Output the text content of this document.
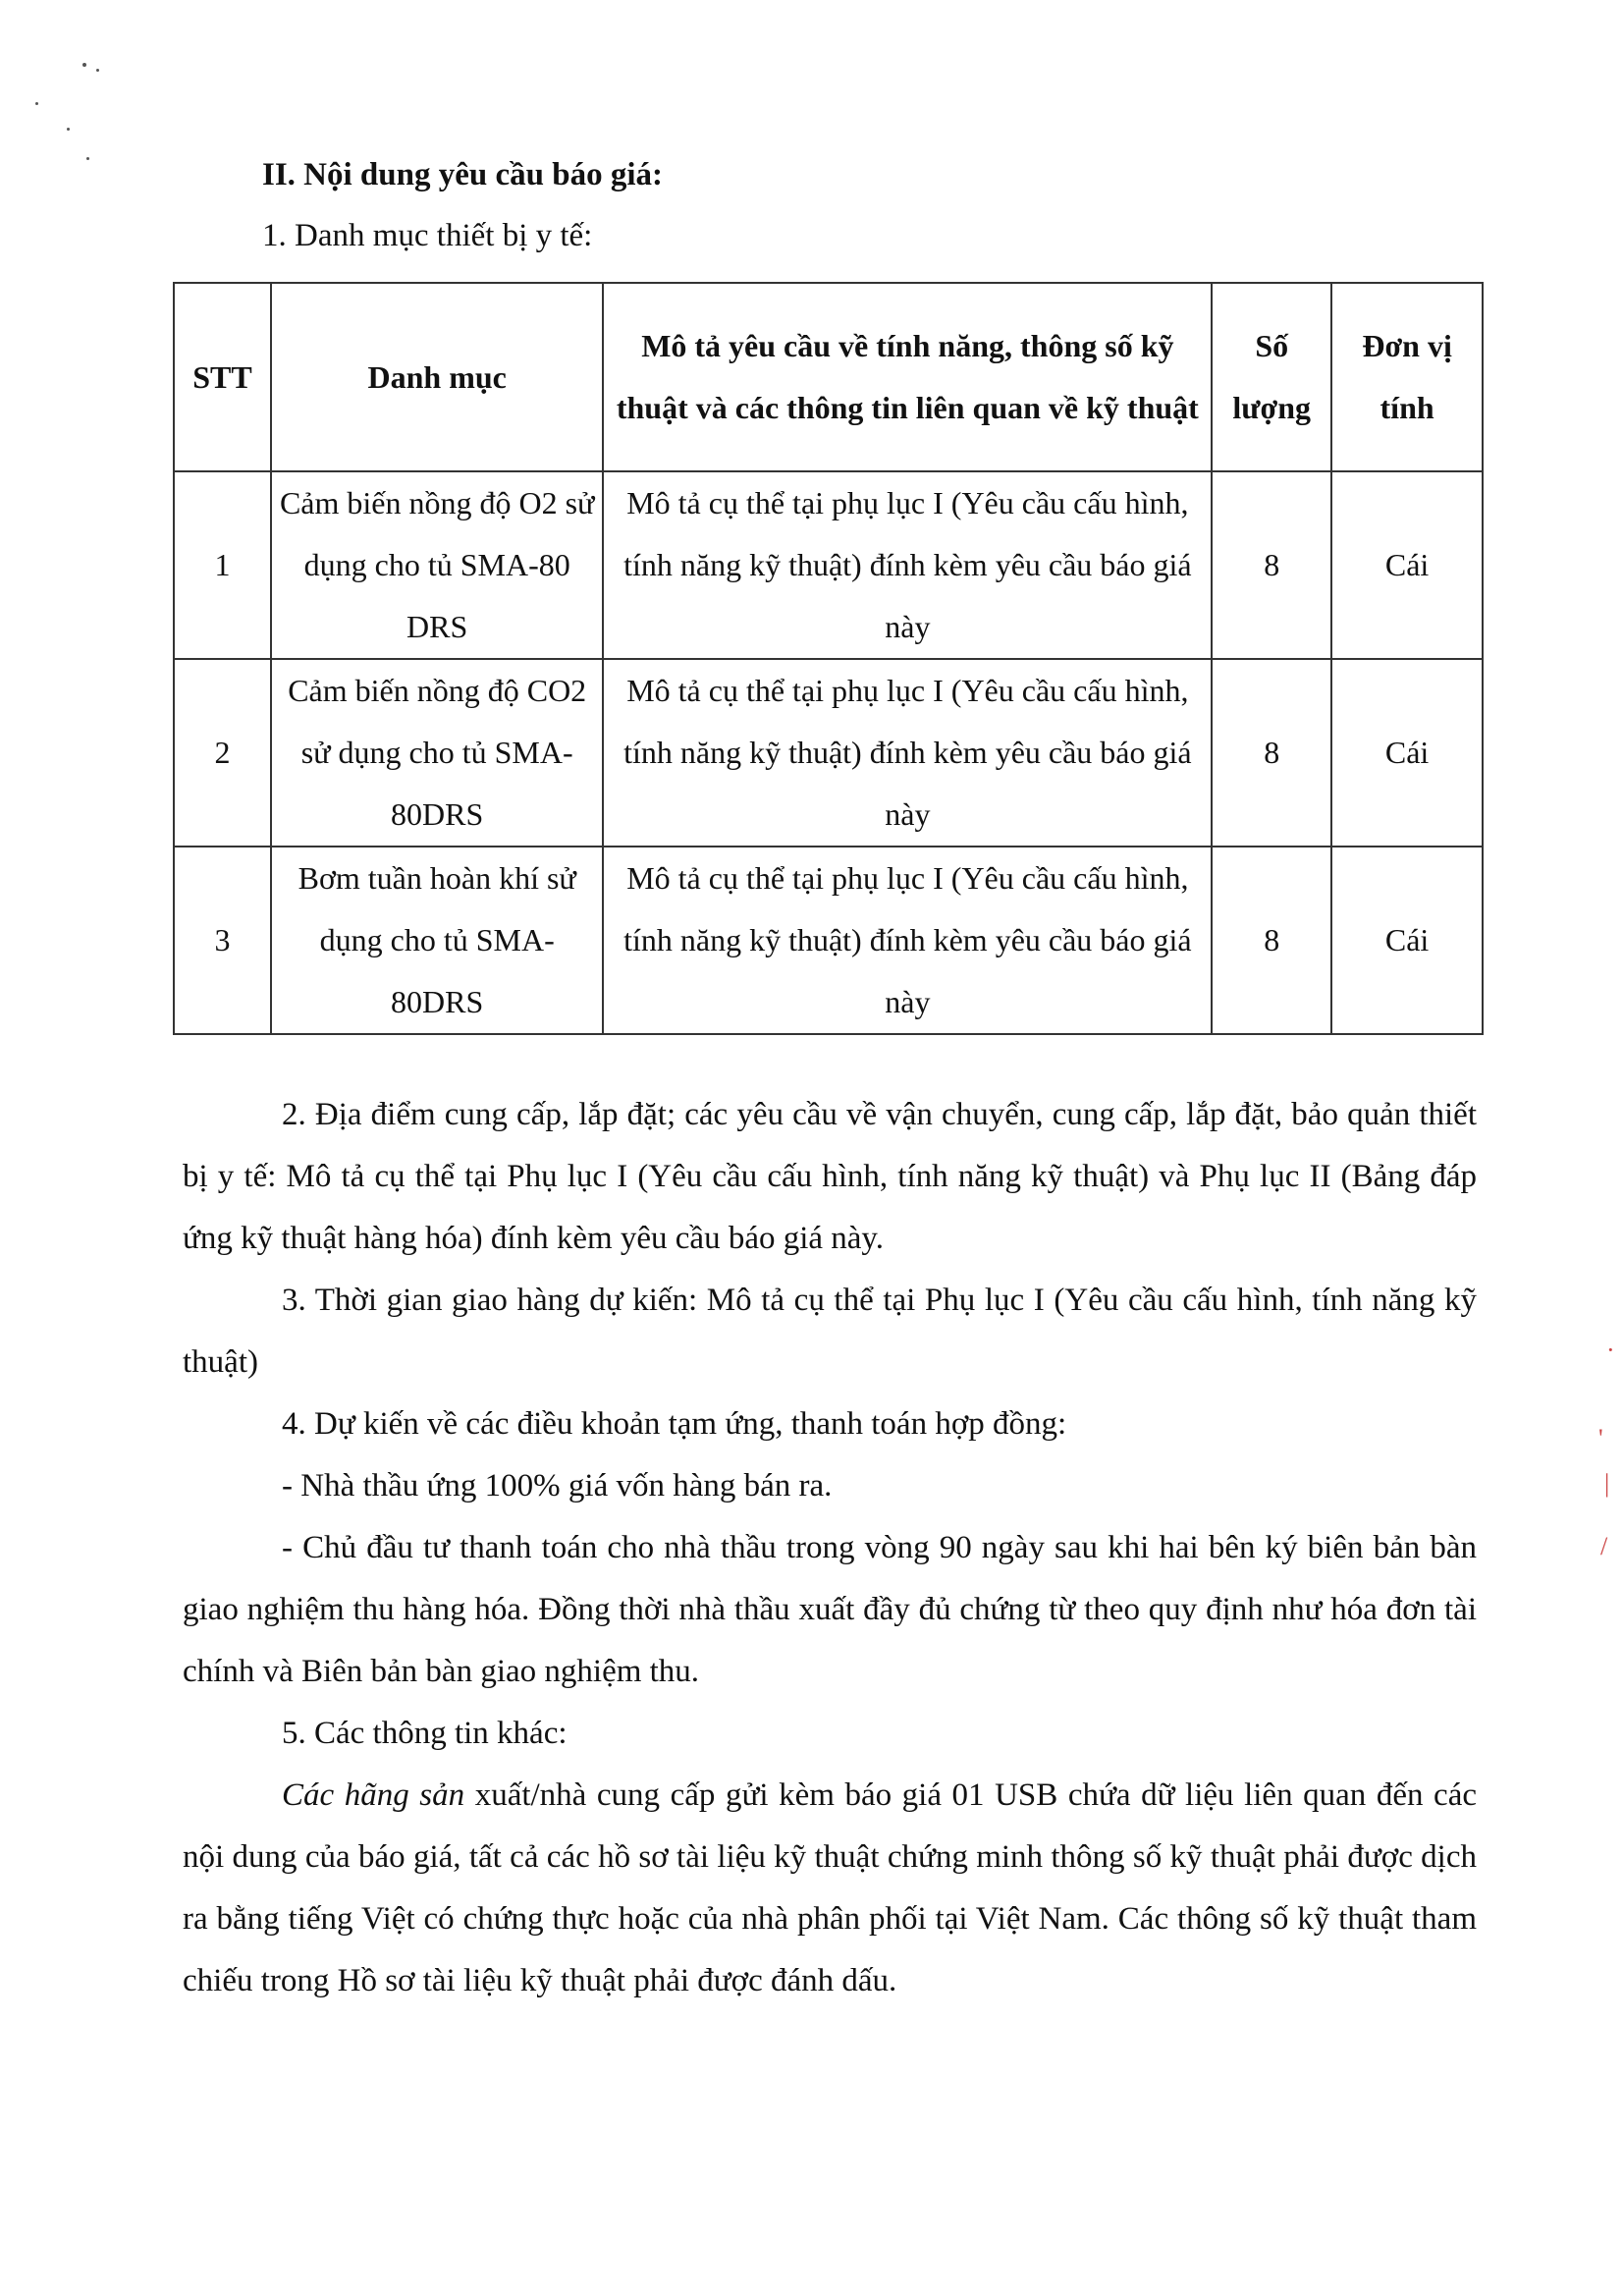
·
'
|
/
II. Nội dung yêu cầu báo giá:

1. Danh mục thiết bị y tế:

STT	Danh mục	Mô tả yêu cầu về tính năng, thông số kỹ thuật và các thông tin liên quan về kỹ thuật	Số lượng	Đơn vị tính
1	Cảm biến nồng độ O2 sử dụng cho tủ SMA-80 DRS	Mô tả cụ thể tại phụ lục I (Yêu cầu cấu hình, tính năng kỹ thuật) đính kèm yêu cầu báo giá này	8	Cái
2	Cảm biến nồng độ CO2 sử dụng cho tủ SMA-80DRS	Mô tả cụ thể tại phụ lục I (Yêu cầu cấu hình, tính năng kỹ thuật) đính kèm yêu cầu báo giá này	8	Cái
3	Bơm tuần hoàn khí sử dụng cho tủ SMA-80DRS	Mô tả cụ thể tại phụ lục I (Yêu cầu cấu hình, tính năng kỹ thuật) đính kèm yêu cầu báo giá này	8	Cái

2. Địa điểm cung cấp, lắp đặt; các yêu cầu về vận chuyển, cung cấp, lắp đặt, bảo quản thiết bị y tế: Mô tả cụ thể tại Phụ lục I (Yêu cầu cấu hình, tính năng kỹ thuật) và Phụ lục II (Bảng đáp ứng kỹ thuật hàng hóa) đính kèm yêu cầu báo giá này.

3. Thời gian giao hàng dự kiến: Mô tả cụ thể tại Phụ lục I (Yêu cầu cấu hình, tính năng kỹ thuật)

4. Dự kiến về các điều khoản tạm ứng, thanh toán hợp đồng:

- Nhà thầu ứng 100% giá vốn hàng bán ra.

- Chủ đầu tư thanh toán cho nhà thầu trong vòng 90 ngày sau khi hai bên ký biên bản bàn giao nghiệm thu hàng hóa. Đồng thời nhà thầu xuất đầy đủ chứng từ theo quy định như hóa đơn tài chính và Biên bản bàn giao nghiệm thu.

5. Các thông tin khác:

Các hãng sản xuất/nhà cung cấp gửi kèm báo giá 01 USB chứa dữ liệu liên quan đến các nội dung của báo giá, tất cả các hồ sơ tài liệu kỹ thuật chứng minh thông số kỹ thuật phải được dịch ra bằng tiếng Việt có chứng thực hoặc của nhà phân phối tại Việt Nam. Các thông số kỹ thuật tham chiếu trong Hồ sơ tài liệu kỹ thuật phải được đánh dấu.
